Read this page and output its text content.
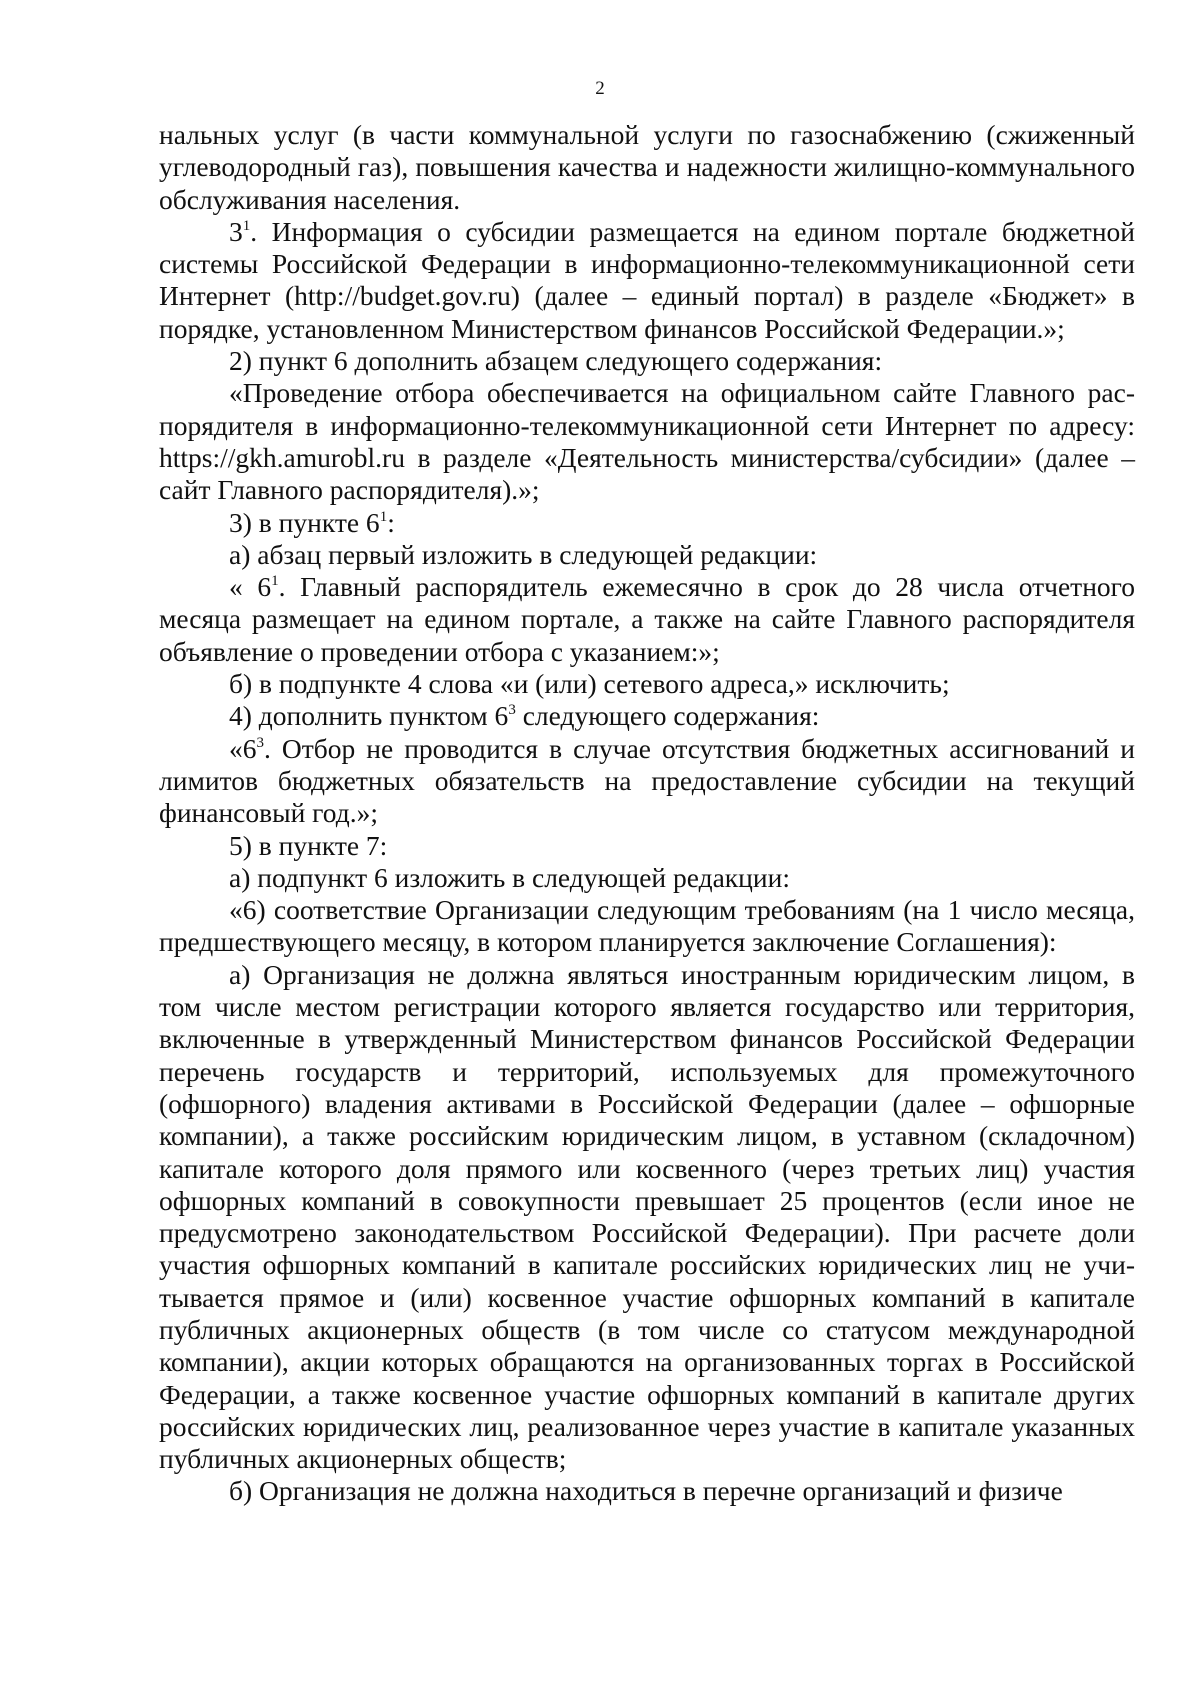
2

нальных услуг (в части коммунальной услуги по газоснабжению (сжиженный углеводородный газ), повышения качества и надежности жилищно-коммунального обслуживания населения.

$3^1$. Информация о субсидии размещается на едином портале бюджетной системы Российской Федерации в информационно-телекоммуникационной сети Интернет (http://budget.gov.ru) (далее – единый портал) в разделе «Бюджет» в порядке, установленном Министерством финансов Российской Федерации.»;

2) пункт 6 дополнить абзацем следующего содержания:

«Проведение отбора обеспечивается на официальном сайте Главного распорядителя в информационно-телекоммуникационной сети Интернет по адресу: https://gkh.amurobl.ru в разделе «Деятельность министерства/субсидии» (далее – сайт Главного распорядителя).»;

3) в пункте $6^1$:

а) абзац первый изложить в следующей редакции:

« $6^1$. Главный распорядитель ежемесячно в срок до 28 числа отчетного месяца размещает на едином портале, а также на сайте Главного распорядителя объявление о проведении отбора с указанием:»;

б) в подпункте 4 слова «и (или) сетевого адреса,» исключить;

4) дополнить пунктом $6^3$ следующего содержания:

«$6^3$. Отбор не проводится в случае отсутствия бюджетных ассигнований и лимитов бюджетных обязательств на предоставление субсидии на текущий финансовый год.»;

5) в пункте 7:

а) подпункт 6 изложить в следующей редакции:

«6) соответствие Организации следующим требованиям (на 1 число месяца, предшествующего месяцу, в котором планируется заключение Соглашения):

а) Организация не должна являться иностранным юридическим лицом, в том числе местом регистрации которого является государство или территория, включенные в утвержденный Министерством финансов Российской Федерации перечень государств и территорий, используемых для промежуточного (офшорного) владения активами в Российской Федерации (далее – офшорные компании), а также российским юридическим лицом, в уставном (складочном) капитале которого доля прямого или косвенного (через третьих лиц) участия офшорных компаний в совокупности превышает 25 процентов (если иное не предусмотрено законодательством Российской Федерации). При расчете доли участия офшорных компаний в капитале российских юридических лиц не учитывается прямое и (или) косвенное участие офшорных компаний в капитале публичных акционерных обществ (в том числе со статусом международной компании), акции которых обращаются на организованных торгах в Российской Федерации, а также косвенное участие офшорных компаний в капитале других российских юридических лиц, реализованное через участие в капитале указанных публичных акционерных обществ;

б) Организация не должна находиться в перечне организаций и физиче
